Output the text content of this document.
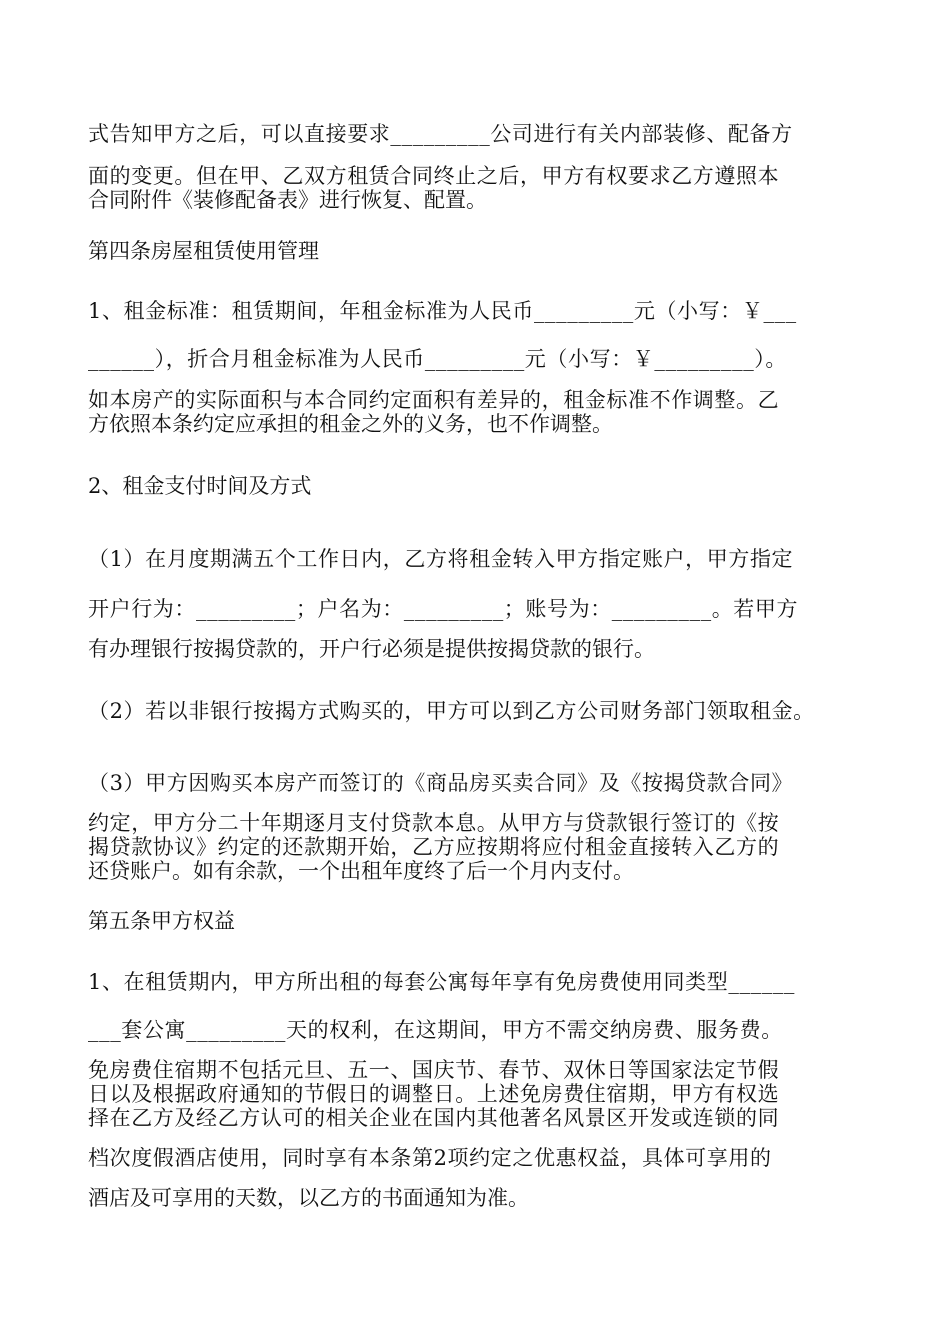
式告知甲方之后，可以直接要求_________公司进行有关内部装修、配备方

面的变更。但在甲、乙双方租赁合同终止之后，甲方有权要求乙方遵照本

合同附件《装修配备表》进行恢复、配置。

第四条房屋租赁使用管理

1、租金标准：租赁期间，年租金标准为人民币_________元（小写：￥___

______），折合月租金标准为人民币_________元（小写：￥_________）。

如本房产的实际面积与本合同约定面积有差异的，租金标准不作调整。乙

方依照本条约定应承担的租金之外的义务，也不作调整。

2、租金支付时间及方式

（1）在月度期满五个工作日内，乙方将租金转入甲方指定账户，甲方指定

开户行为：_________；户名为：_________；账号为：_________。若甲方

有办理银行按揭贷款的，开户行必须是提供按揭贷款的银行。

（2）若以非银行按揭方式购买的，甲方可以到乙方公司财务部门领取租金。

（3）甲方因购买本房产而签订的《商品房买卖合同》及《按揭贷款合同》

约定，甲方分二十年期逐月支付贷款本息。从甲方与贷款银行签订的《按

揭贷款协议》约定的还款期开始，乙方应按期将应付租金直接转入乙方的

还贷账户。如有余款，一个出租年度终了后一个月内支付。

第五条甲方权益

1、在租赁期内，甲方所出租的每套公寓每年享有免房费使用同类型______

___套公寓_________天的权利，在这期间，甲方不需交纳房费、服务费。

免房费住宿期不包括元旦、五一、国庆节、春节、双休日等国家法定节假

日以及根据政府通知的节假日的调整日。上述免房费住宿期，甲方有权选

择在乙方及经乙方认可的相关企业在国内其他著名风景区开发或连锁的同

档次度假酒店使用，同时享有本条第2项约定之优惠权益，具体可享用的

酒店及可享用的天数，以乙方的书面通知为准。
